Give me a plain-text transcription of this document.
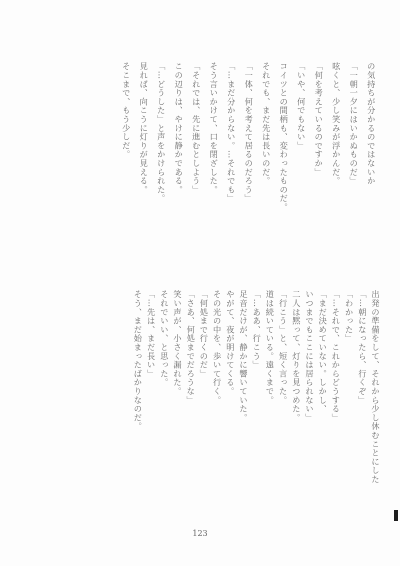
の気持ちが分かるのではないか
「一朝一夕にはいかぬものだ」
呟くと、少し笑みが浮かんだ。
「何を考えているのですか」
「いや、何でもない」
コイツとの間柄も、変わったものだ。
それでも、まだ先は長いのだ。
「一体、何を考えて居るのだろう」
「…まだ分からない。…それでも」
そう言いかけて、口を閉ざした。
「それでは、先に進むとしよう」
この辺りは、やけに静かである。
「…どうした」と声をかけられた。
見れば、向こうに灯りが見える。
そこまで、もう少しだ。
出発の準備をして、それから少し休むことにした
「…朝になったら、行くぞ」
「わかった」
「…それで、これからどうする」
「まだ決めていない。しかし、
いつまでもここには居られない」
二人は黙って、灯りを見つめた。
「行こう」と、短く言った。
道は続いている。遠くまで。
「…ああ、行こう」
足音だけが、静かに響いていた。
やがて、夜が明けてくる。
その光の中を、歩いて行く。
「何処まで行くのだ」
「さあ、何処までだろうな」
笑い声が、小さく漏れた。
それでいい、と思った。
「…先は、まだ長い」
そう、まだ始まったばかりなのだ。
123
